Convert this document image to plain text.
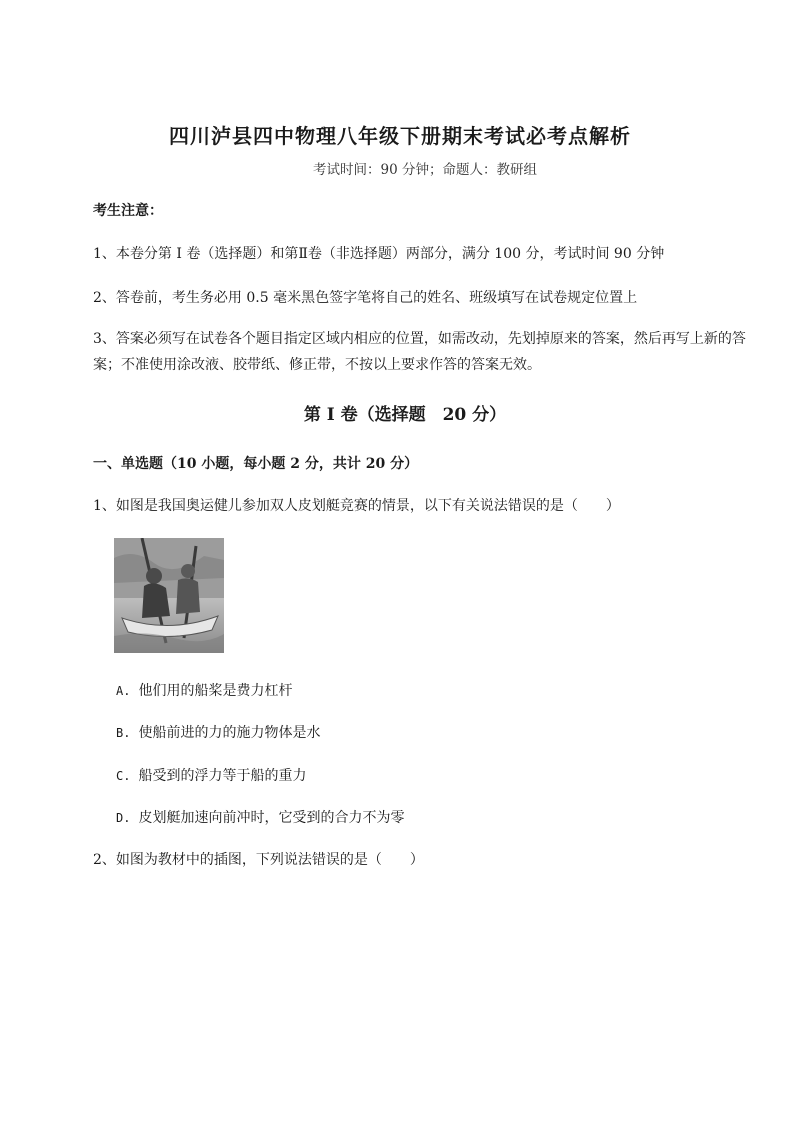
四川泸县四中物理八年级下册期末考试必考点解析
考试时间：90 分钟；命题人：教研组
考生注意：
1、本卷分第 I 卷（选择题）和第Ⅱ卷（非选择题）两部分，满分 100 分，考试时间 90 分钟
2、答卷前，考生务必用 0.5 毫米黑色签字笔将自己的姓名、班级填写在试卷规定位置上
3、答案必须写在试卷各个题目指定区域内相应的位置，如需改动，先划掉原来的答案，然后再写上新的答案；不准使用涂改液、胶带纸、修正带，不按以上要求作答的答案无效。
第 I 卷（选择题　20 分）
一、单选题（10 小题，每小题 2 分，共计 20 分）
1、如图是我国奥运健儿参加双人皮划艇竞赛的情景，以下有关说法错误的是（　　）
A. 他们用的船桨是费力杠杆
B. 使船前进的力的施力物体是水
C. 船受到的浮力等于船的重力
D. 皮划艇加速向前冲时，它受到的合力不为零
2、如图为教材中的插图，下列说法错误的是（　　）
